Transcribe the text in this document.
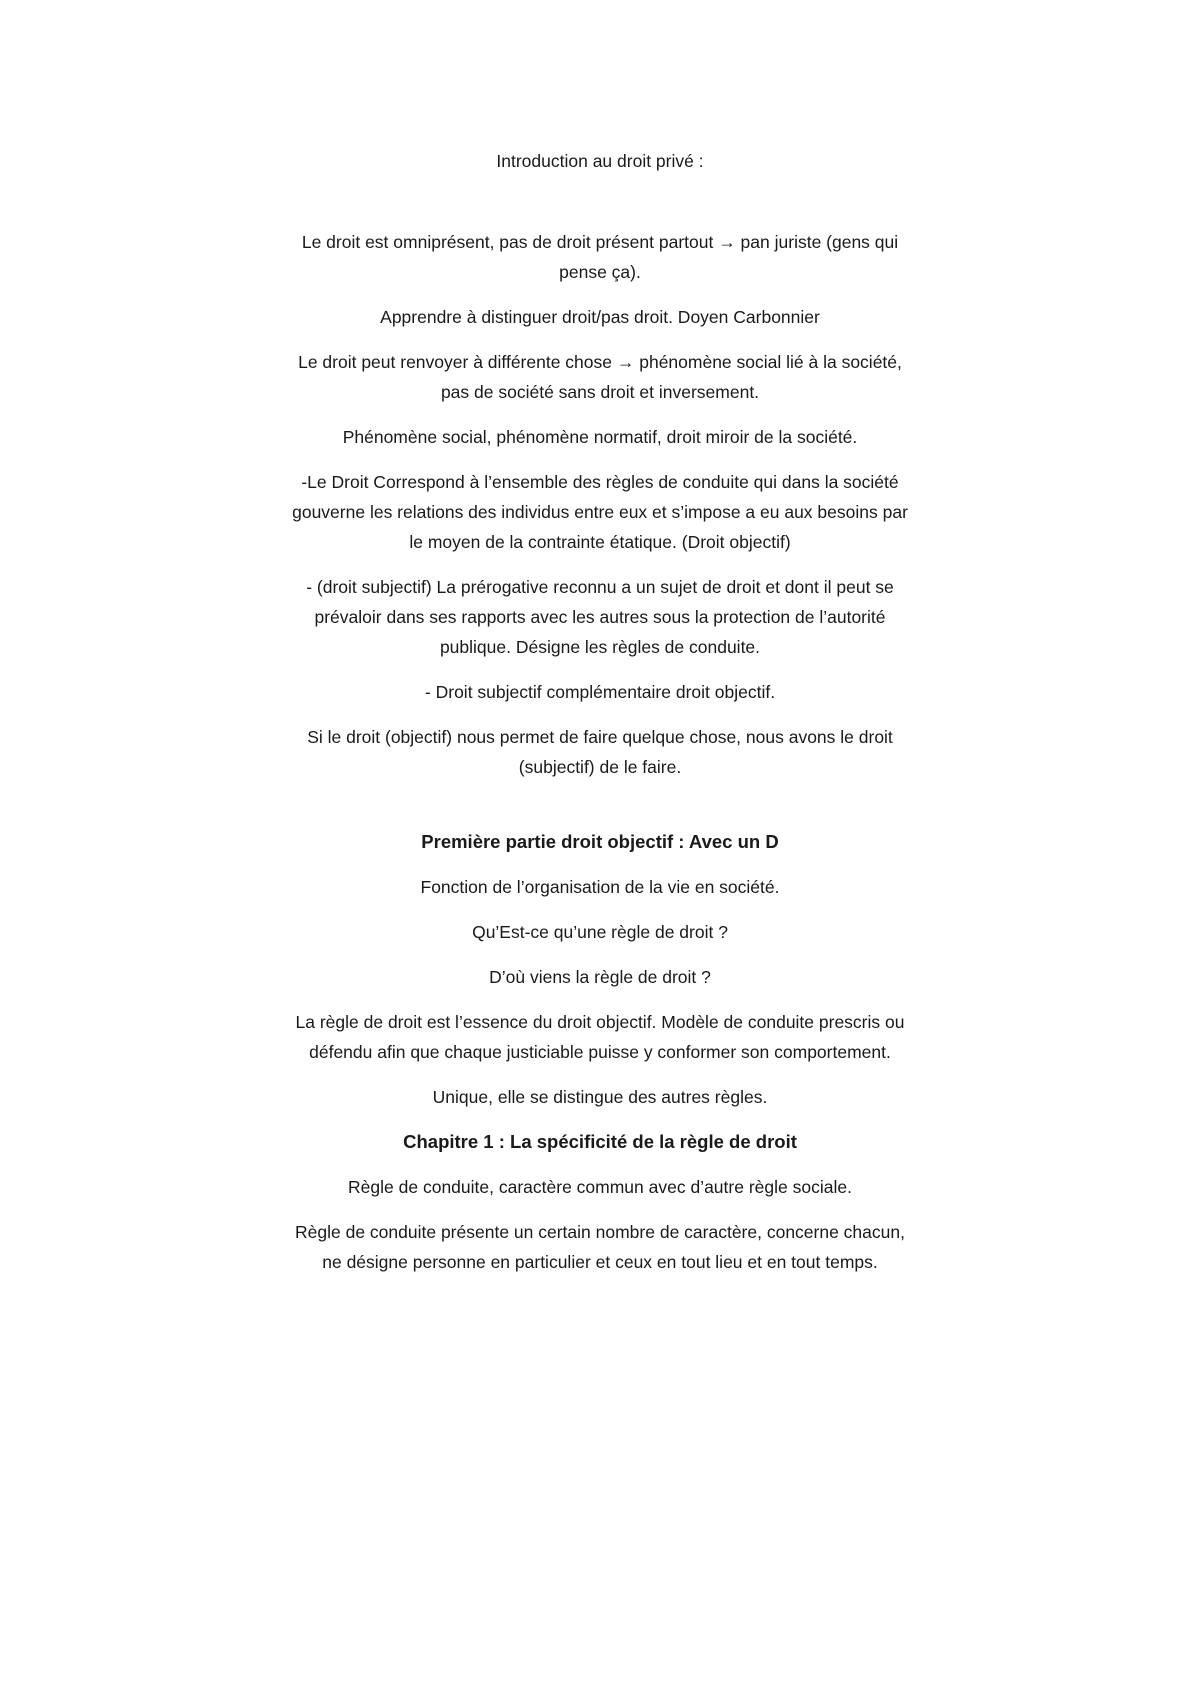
Introduction au droit privé :

Le droit est omniprésent, pas de droit présent partout → pan juriste (gens qui pense ça).

Apprendre à distinguer droit/pas droit. Doyen Carbonnier

Le droit peut renvoyer à différente chose → phénomène social lié à la société, pas de société sans droit et inversement.

Phénomène social, phénomène normatif, droit miroir de la société.

-Le Droit Correspond à l’ensemble des règles de conduite qui dans la société gouverne les relations des individus entre eux et s’impose a eu aux besoins par le moyen de la contrainte étatique. (Droit objectif)

- (droit subjectif) La prérogative reconnu a un sujet de droit et dont il peut se prévaloir dans ses rapports avec les autres sous la protection de l’autorité publique. Désigne les règles de conduite.

- Droit subjectif complémentaire droit objectif.

Si le droit (objectif) nous permet de faire quelque chose, nous avons le droit (subjectif) de le faire.

Première partie droit objectif : Avec un D

Fonction de l’organisation de la vie en société.

Qu’Est-ce qu’une règle de droit ?

D’où viens la règle de droit ?

La règle de droit est l’essence du droit objectif. Modèle de conduite prescris ou défendu afin que chaque justiciable puisse y conformer son comportement.

Unique, elle se distingue des autres règles.

Chapitre 1 : La spécificité de la règle de droit

Règle de conduite, caractère commun avec d’autre règle sociale.

Règle de conduite présente un certain nombre de caractère, concerne chacun, ne désigne personne en particulier et ceux en tout lieu et en tout temps.
